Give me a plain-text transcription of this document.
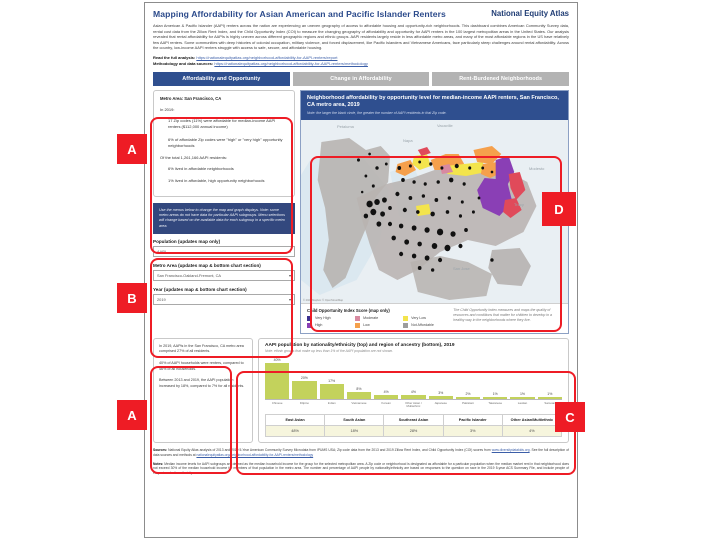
Mapping Affordability for Asian American and Pacific Islander Renters	National Equity Atlas
Asian American & Pacific Islander (AAPI) renters across the nation are experiencing an uneven geography of access to affordable housing and opportunity-rich neighborhoods. This dashboard combines American Community Survey data, rental cost data from the Zillow Rent Index, and the Child Opportunity Index (COI) to measure the changing geography of affordability and opportunity for AAPI renters in the 100 largest metropolitan areas in the United States. Our analysis revealed that rental affordability for AAPIs is highly uneven across different geographic regions and ethnic groups. AAPI residents largely reside in less affordable metro areas, and many of the most affordable regions in the US have relatively few AAPI renters. Some communities with deep histories of colonial occupation, military violence, and forced displacement, like Pacific Islanders and Vietnamese Americans, face particularly steep challenges around rental affordability. Across the country, low-income AAPI renters struggle with access to safe, secure, and affordable housing.
Read the full analysis: https://nationalequityatlas.org/neighborhood-affordability-for-AAPI-renters/report
Methodology and data sources: https://nationalequityatlas.org/neighborhood-affordability-for-AAPI-renters/methodology
Affordability and Opportunity	Change in Affordability	Rent-Burdened Neighborhoods
Metro Area: San Francisco, CA

In 2019:

17 Zip codes (11%) were affordable for median-income AAPI renters ($112,000 annual income)

6% of affordable Zip codes were "high" or "very high" opportunity neighborhoods

Of the total 1,261,166 AAPI residents:

6% lived in affordable neighborhoods

1% lived in affordable, high opportunity neighborhoods

Use the menus below to change the map and graph displays. Note: some metro areas do not have data for particular AAPI subgroups. Menu selections will change based on the available data for each subgroup in a specific metro area.
Population (updates map only)
AAPI	▾
Metro Area (updates map & bottom chart section)
San Francisco-Oakland-Fremont, CA	▾
Year (updates map & bottom chart section)
2019	▾
Neighborhood affordability by opportunity level for median-income AAPI renters, San Francisco, CA metro area, 2019
Note: the larger the black circle, the greater the number of AAPI residents in that Zip code.
Petaluma	Vacaville
Napa
Tracy
San Jose
Modesto
© 2024 Mapbox © OpenStreetMap
Child Opportunity Index Score (map only)
Very High	Moderate	Very Low
High	Low	Not Affordable
The Child Opportunity Index measures and maps the quality of resources and conditions that matter for children to develop in a healthy way in the neighborhoods where they live.

In 2019, AAPIs in the San Francisco, CA metro area comprised 27% of all residents.

40% of AAPI households were renters, compared to 46% of all households.

Between 2013 and 2019, the AAPI population increased by 18%, compared to 7% for all residents.

AAPI population by nationality/ethnicity (top) and region of ancestry (bottom), 2019
Note: ethnic groups that make up less than 1% of the AAPI population are not shown.
40%
20%
17%
8%
4%	4%	3%	2%	1%	1%	1%
Chinese	Filipino	Indian	Vietnamese	Korean	Other Asian / Multiethnic
Japanese	Pakistani	Taiwanese	Laotian	Samoan
East Asian
48%
South Asian
18%
Southeast Asian
28%
Pacific Islander
3%
Other Asian/Multiethnic
4%
Sources: National Equity Atlas analysis of 2013 and 2019 5-Year American Community Survey Microdata from IPUMS USA; Zip code data from the 2013 and 2019 Zillow Rent Index, and Child Opportunity Index (COI) scores from www.diversitydatakids.org. See the full description of data sources and methods at nationalequityatlas.org/neighborhood-affordability-for-AAPI-renters/methodology
Notes: Median income levels for AAPI subgroups are defined as the median household income for the group for the selected metropolitan area. A Zip code or neighborhood is designated as affordable for a particular population when the median market rent in that neighborhood does not exceed 30% of the median household income for members of that population in the metro area. The number and percentage of AAPI people by nationality/ethnicity are based on responses to the question on race in the 2019 5-year ACS Summary File, and include people of Hispanic or Latino ethnicity.
A
B
A	C
D
